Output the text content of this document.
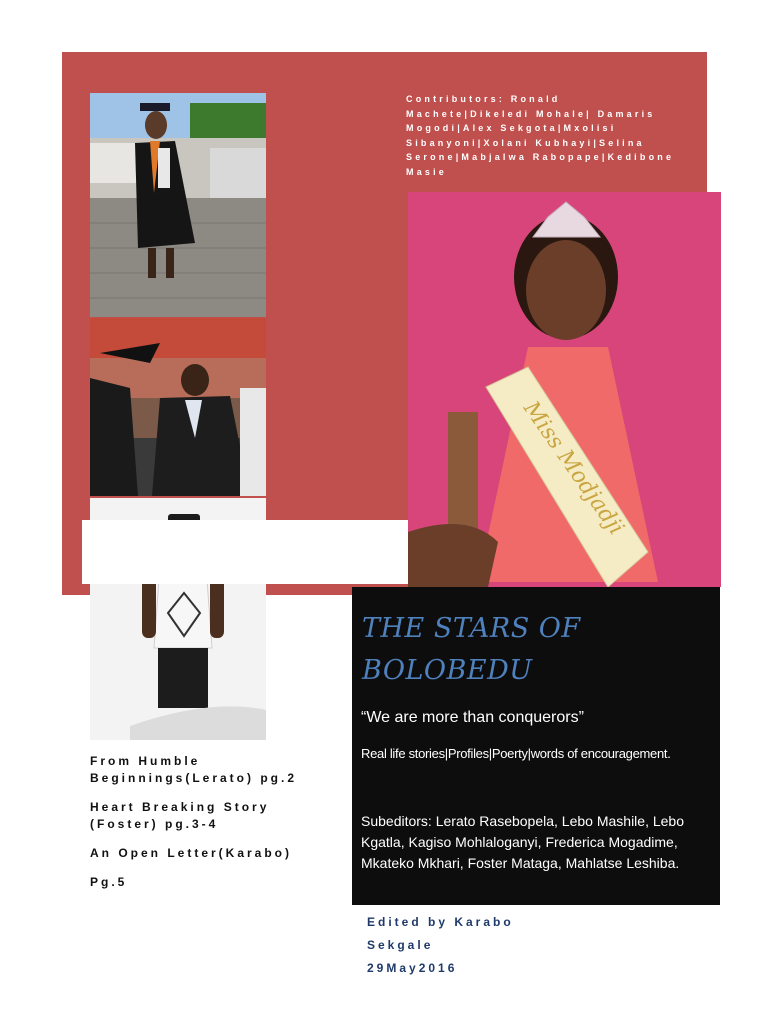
Contributors: Ronald Machete|Dikeledi Mohale| Damaris Mogodi|Alex Sekgota|Mxolisi Sibanyoni|Xolani Kubhayi|Selina Serone|Mabjalwa Rabopape|Kedibone Masie
Miss Modjadji
THE STARS OF BOLOBEDU
“We are more than conquerors”
Real life stories|Profiles|Poerty|words of encouragement.
Subeditors: Lerato Rasebopela, Lebo Mashile, Lebo Kgatla, Kagiso Mohlaloganyi, Frederica Mogadime, Mkateko Mkhari, Foster Mataga, Mahlatse Leshiba.
From Humble Beginnings(Lerato) pg.2
Heart Breaking Story (Foster) pg.3-4
An Open Letter(Karabo)
Pg.5
Edited by Karabo
Sekgale
29May2016
